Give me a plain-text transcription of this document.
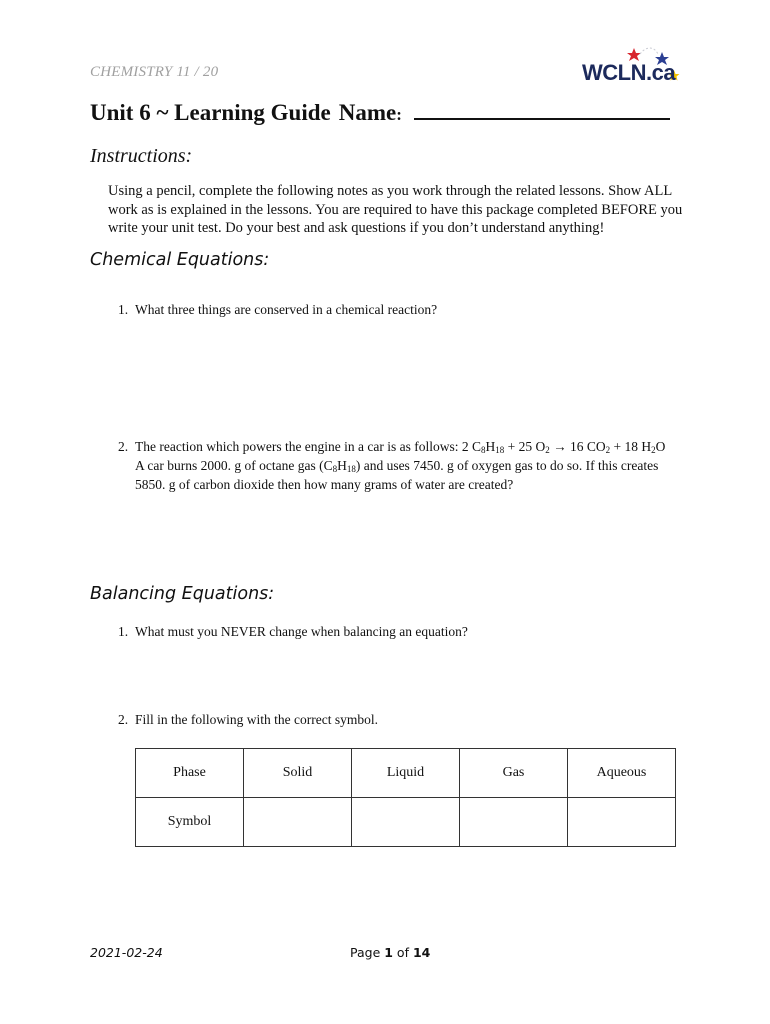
CHEMISTRY 11 / 20	WCLN.ca
Unit 6 ~ Learning Guide Name:
Instructions:
Using a pencil, complete the following notes as you work through the related lessons. Show ALL work as is explained in the lessons. You are required to have this package completed BEFORE you write your unit test. Do your best and ask questions if you don’t understand anything!
Chemical Equations:
1. What three things are conserved in a chemical reaction?
2. The reaction which powers the engine in a car is as follows: 2 $C_8H_{18} + 25$ $O_2 \to 16$ $CO_2 + 18$ $H_2O$
A car burns 2000. g of octane gas $(C_8H_{18})$ and uses 7450. g of oxygen gas to do so. If this creates
5850. g of carbon dioxide then how many grams of water are created?
Balancing Equations:
1. What must you NEVER change when balancing an equation?
2. Fill in the following with the correct symbol.
Phase	Solid	Liquid	Gas	Aqueous
Symbol				
2021-02-24	Page 1 of 14
